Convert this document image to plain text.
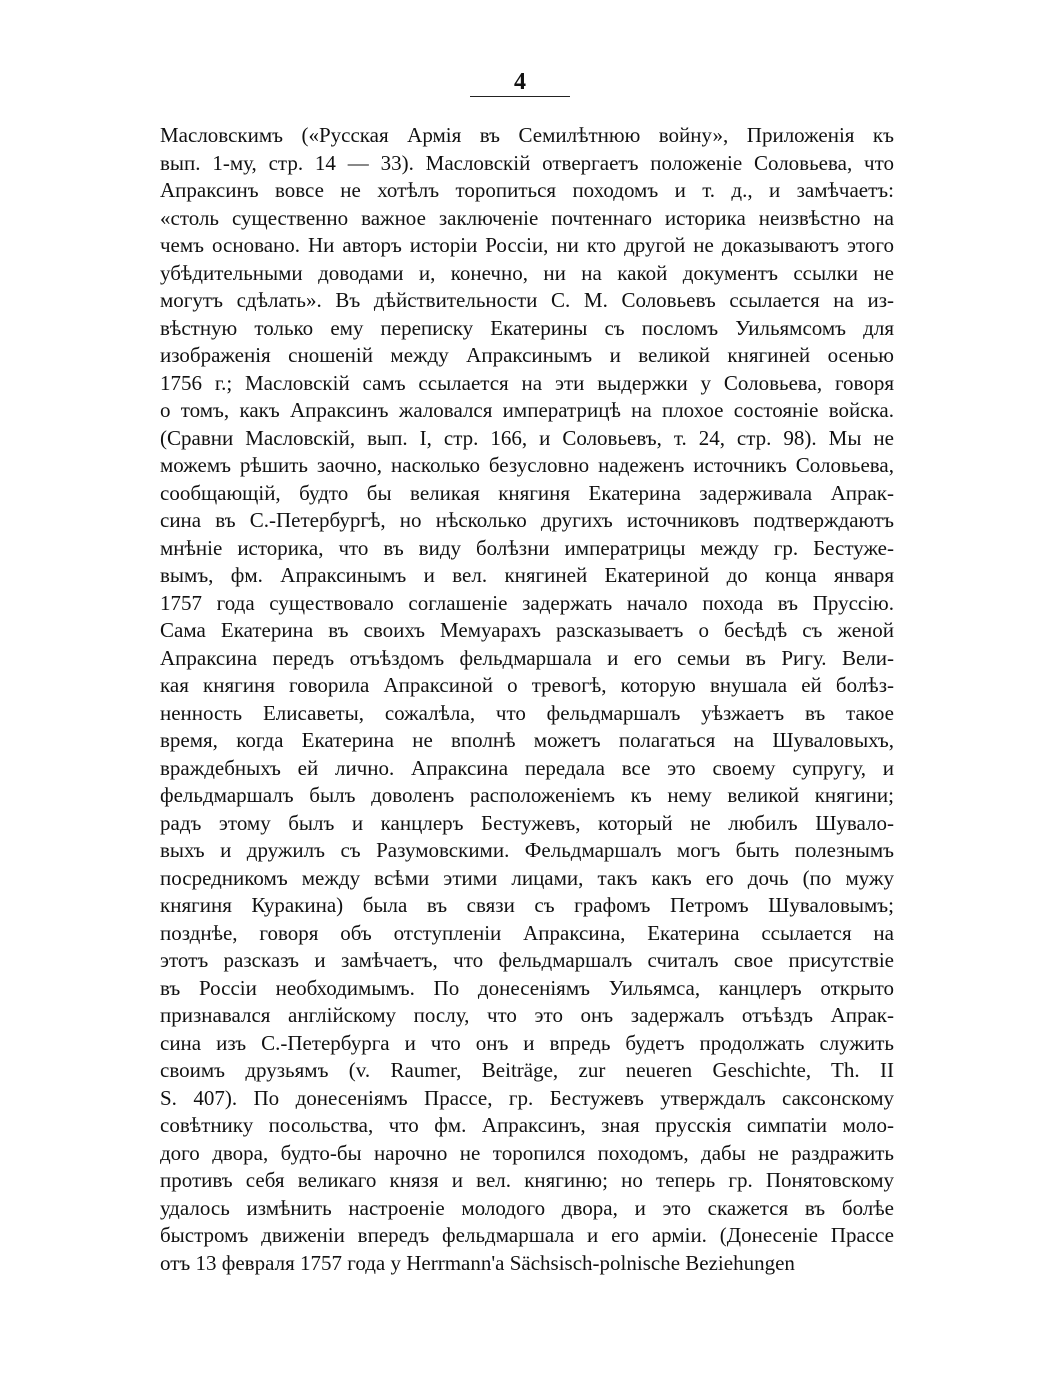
4
Масловскимъ («Русская Армія въ Семилѣтнюю войну», Приложенія къ
вып. 1-му, стр. 14 — 33). Масловскій отвергаетъ положеніе Соловьева, что
Апраксинъ вовсе не хотѣлъ торопиться походомъ и т. д., и замѣчаетъ:
«столь существенно важное заключеніе почтеннаго историка неизвѣстно на
чемъ основано. Ни авторъ исторіи Россіи, ни кто другой не доказываютъ этого
убѣдительными доводами и, конечно, ни на какой документъ ссылки не
могутъ сдѣлать». Въ дѣйствительности С. М. Соловьевъ ссылается на из-
вѣстную только ему переписку Екатерины съ посломъ Уильямсомъ для
изображенія сношеній между Апраксинымъ и великой княгиней осенью
1756 г.; Масловскій самъ ссылается на эти выдержки у Соловьева, говоря
о томъ, какъ Апраксинъ жаловался императрицѣ на плохое состояніе войска.
(Сравни Масловскій, вып. I, стр. 166, и Соловьевъ, т. 24, стр. 98). Мы не
можемъ рѣшить заочно, насколько безусловно надеженъ источникъ Соловьева,
сообщающій, будто бы великая княгиня Екатерина задерживала Апрак-
сина въ С.-Петербургѣ, но нѣсколько другихъ источниковъ подтверждаютъ
мнѣніе историка, что въ виду болѣзни императрицы между гр. Бестуже-
вымъ, фм. Апраксинымъ и вел. княгиней Екатериной до конца января
1757 года существовало соглашеніе задержать начало похода въ Пруссію.
Сама Екатерина въ своихъ Мемуарахъ разсказываетъ о бесѣдѣ съ женой
Апраксина передъ отъѣздомъ фельдмаршала и его семьи въ Ригу. Вели-
кая княгиня говорила Апраксиной о тревогѣ, которую внушала ей болѣз-
ненность Елисаветы, сожалѣла, что фельдмаршалъ уѣзжаетъ въ такое
время, когда Екатерина не вполнѣ можетъ полагаться на Шуваловыхъ,
враждебныхъ ей лично. Апраксина передала все это своему супругу, и
фельдмаршалъ былъ доволенъ расположеніемъ къ нему великой княгини;
радъ этому былъ и канцлеръ Бестужевъ, который не любилъ Шувало-
выхъ и дружилъ съ Разумовскими. Фельдмаршалъ могъ быть полезнымъ
посредникомъ между всѣми этими лицами, такъ какъ его дочь (по мужу
княгиня Куракина) была въ связи съ графомъ Петромъ Шуваловымъ;
позднѣе, говоря объ отступленіи Апраксина, Екатерина ссылается на
этотъ разсказъ и замѣчаетъ, что фельдмаршалъ считалъ свое присутствіе
въ Россіи необходимымъ. По донесеніямъ Уильямса, канцлеръ открыто
признавался англійскому послу, что это онъ задержалъ отъѣздъ Апрак-
сина изъ С.-Петербурга и что онъ и впредь будетъ продолжать служить
своимъ друзьямъ (v. Raumer, Beiträge, zur neueren Geschichte, Th. II
S. 407). По донесеніямъ Прассе, гр. Бестужевъ утверждалъ саксонскому
совѣтнику посольства, что фм. Апраксинъ, зная прусскія симпатіи моло-
дого двора, будто-бы нарочно не торопился походомъ, дабы не раздражить
противъ себя великаго князя и вел. княгиню; но теперь гр. Понятовскому
удалось измѣнить настроеніе молодого двора, и это скажется въ болѣе
быстромъ движеніи впередъ фельдмаршала и его арміи. (Донесеніе Прассе
отъ 13 февраля 1757 года у Herrmann'a Sächsisch-polnische Beziehungen
